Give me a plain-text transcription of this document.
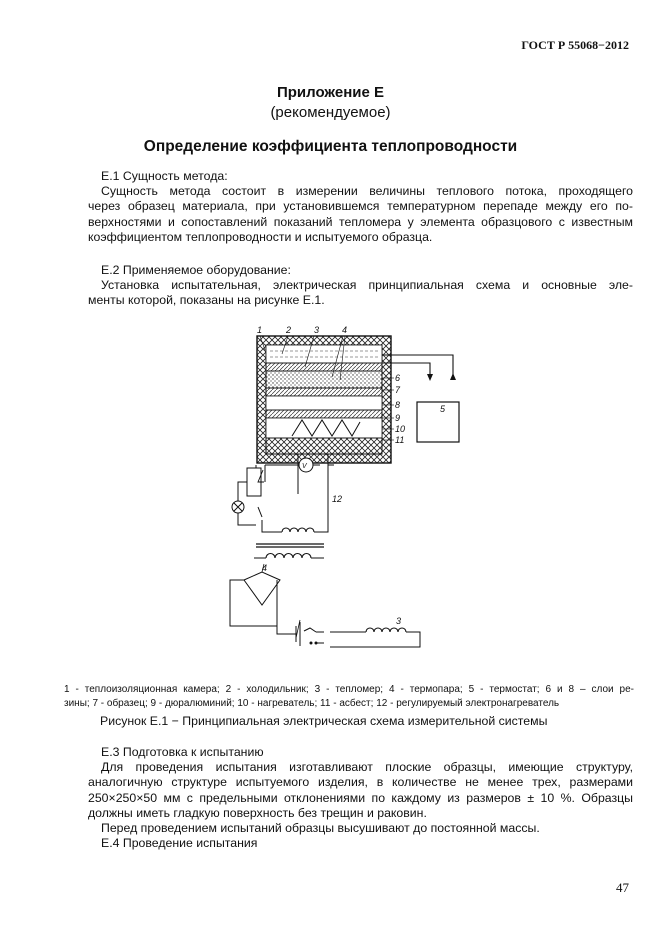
ГОСТ Р 55068−2012
Приложение Е
(рекомендуемое)
Определение коэффициента теплопроводности
Е.1 Сущность метода:
Сущность метода состоит в измерении величины теплового потока, проходящего
через образец материала, при установившемся температурном перепаде между его по-
верхностями и сопоставлений показаний тепломера у элемента образцового с известным
коэффициентом теплопроводности и испытуемого образца.
Е.2 Применяемое оборудование:
Установка испытательная, электрическая принципиальная схема и основные эле-
менты которой, показаны на рисунке Е.1.
1	2	3	4
5
6
7
8
9
10
11
12
V
4
3
1 - теплоизоляционная камера; 2 - холодильник; 3 - тепломер; 4 - термопара; 5 - термостат; 6 и 8 – слои ре-
зины; 7 - образец; 9 - дюралюминий; 10 - нагреватель; 11 - асбест; 12 - регулируемый электронагреватель
Рисунок Е.1 − Принципиальная электрическая схема измерительной системы
Е.3 Подготовка к испытанию
Для проведения испытания изготавливают плоские образцы, имеющие структуру,
аналогичную структуре испытуемого изделия, в количестве не менее трех, размерами
250×250×50 мм с предельными отклонениями по каждому из размеров ± 10 %. Образцы
должны иметь гладкую поверхность без трещин и раковин.
Перед проведением испытаний образцы высушивают до постоянной массы.
Е.4 Проведение испытания
47
